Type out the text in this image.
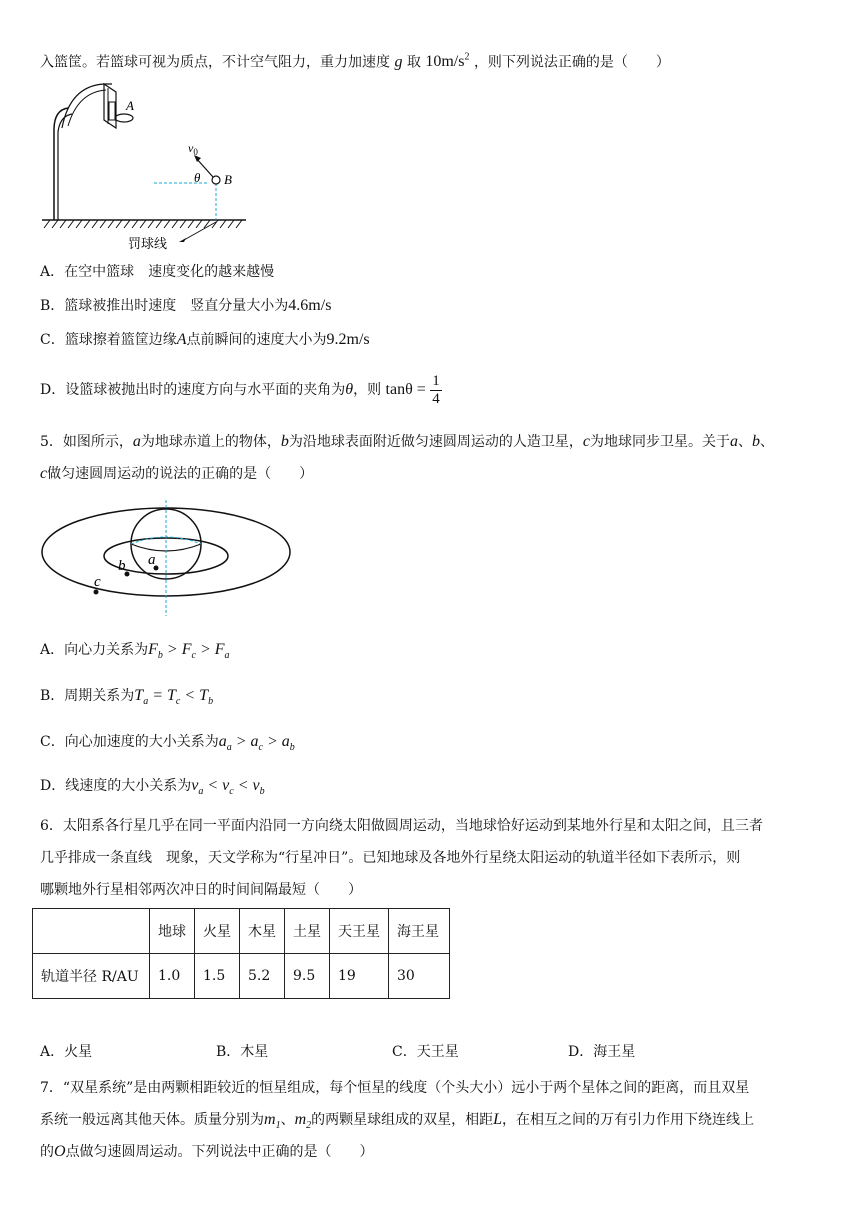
入篮筐。若篮球可视为质点，不计空气阻力，重力加速度 g 取 $10m/s^2$ ，则下列说法正确的是（　　）
A
B
$v_0$
θ
罚球线
A．在空中篮球　速度变化的越来越慢
B．篮球被推出时速度　竖直分量大小为4.6m/s
C．篮球擦着篮筐边缘A点前瞬间的速度大小为9.2m/s
D．设篮球被抛出时的速度方向与水平面的夹角为θ，则 $\tan\theta = \frac{1}{4}$
5．如图所示，a为地球赤道上的物体，b为沿地球表面附近做匀速圆周运动的人造卫星，c为地球同步卫星。关于a、b、
c做匀速圆周运动的说法的正确的是（　　）
a
b
c
A．向心力关系为$F_b > F_c > F_a$
B．周期关系为$T_a = T_c < T_b$
C．向心加速度的大小关系为$a_a > a_c > a_b$
D．线速度的大小关系为$v_a < v_c < v_b$
6．太阳系各行星几乎在同一平面内沿同一方向绕太阳做圆周运动，当地球恰好运动到某地外行星和太阳之间，且三者
几乎排成一条直线　现象，天文学称为“行星冲日”。已知地球及各地外行星绕太阳运动的轨道半径如下表所示，则
哪颗地外行星相邻两次冲日的时间间隔最短（　　）
	地球	火星	木星	土星	天王星	海王星
轨道半径 R/AU	1.0	1.5	5.2	9.5	19	30
A．火星	B．木星	C．天王星	D．海王星
7．“双星系统”是由两颗相距较近的恒星组成，每个恒星的线度（个头大小）远小于两个星体之间的距离，而且双星
系统一般远离其他天体。质量分别为$m_1$、$m_2$的两颗星球组成的双星，相距L，在相互之间的万有引力作用下绕连线上
的O点做匀速圆周运动。下列说法中正确的是（　　）
